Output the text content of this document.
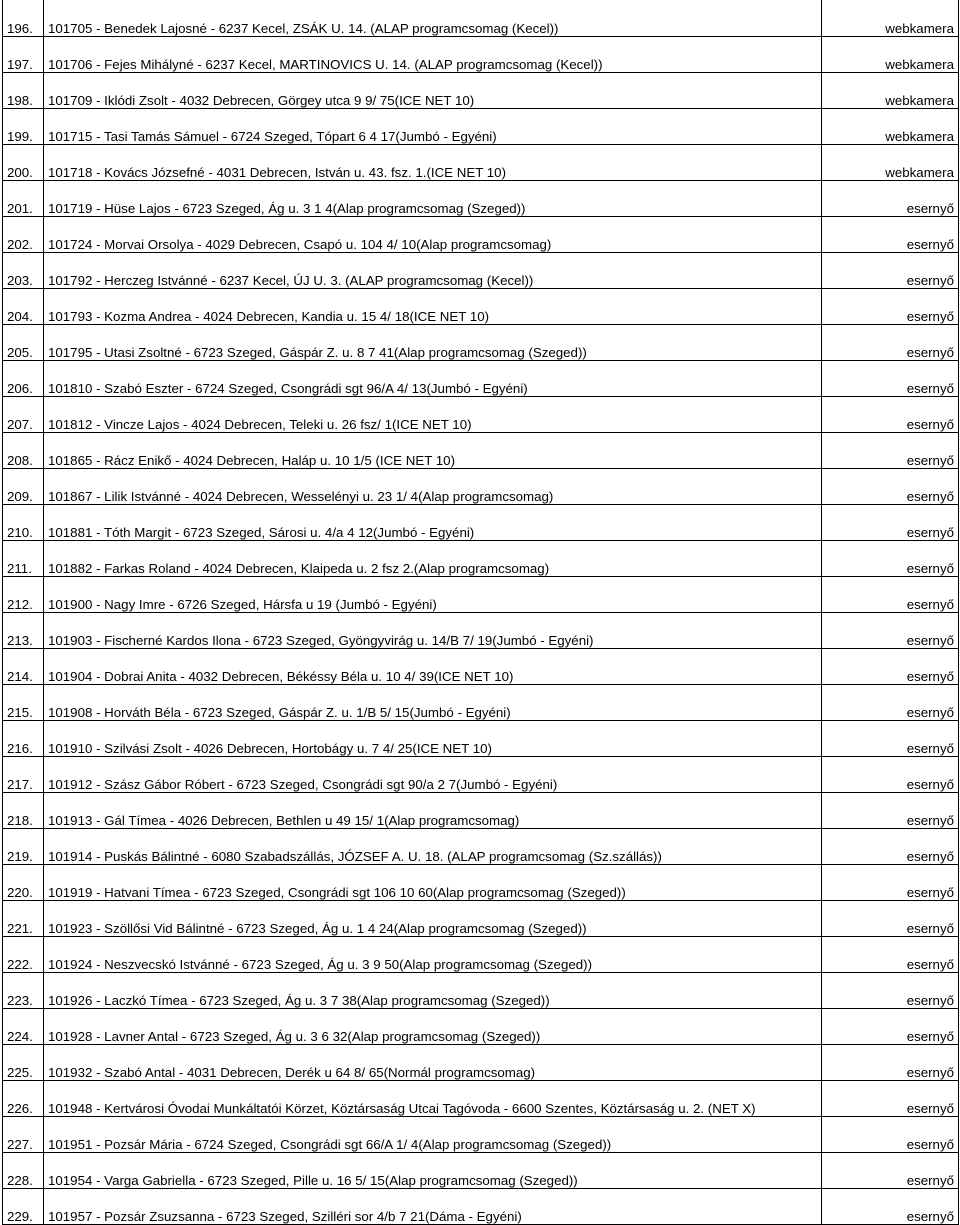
196.	101705 - Benedek Lajosné - 6237 Kecel, ZSÁK U. 14. (ALAP programcsomag (Kecel))	webkamera
197.	101706 - Fejes Mihályné - 6237 Kecel, MARTINOVICS U. 14. (ALAP programcsomag (Kecel))	webkamera
198.	101709 - Iklódi Zsolt - 4032 Debrecen, Görgey utca 9 9/ 75(ICE NET 10)	webkamera
199.	101715 - Tasi Tamás Sámuel - 6724 Szeged, Tópart 6 4 17(Jumbó - Egyéni)	webkamera
200.	101718 - Kovács Józsefné - 4031 Debrecen, István u. 43. fsz. 1.(ICE NET 10)	webkamera
201.	101719 - Hüse Lajos - 6723 Szeged, Ág u. 3 1 4(Alap programcsomag (Szeged))	esernyő
202.	101724 - Morvai Orsolya - 4029 Debrecen, Csapó u. 104 4/ 10(Alap programcsomag)	esernyő
203.	101792 - Herczeg Istvánné - 6237 Kecel, ÚJ U. 3. (ALAP programcsomag (Kecel))	esernyő
204.	101793 - Kozma Andrea - 4024 Debrecen, Kandia u. 15 4/ 18(ICE NET 10)	esernyő
205.	101795 - Utasi Zsoltné - 6723 Szeged, Gáspár Z. u. 8 7 41(Alap programcsomag (Szeged))	esernyő
206.	101810 - Szabó Eszter - 6724 Szeged, Csongrádi sgt 96/A 4/ 13(Jumbó - Egyéni)	esernyő
207.	101812 - Vincze Lajos - 4024 Debrecen, Teleki u. 26 fsz/ 1(ICE NET 10)	esernyő
208.	101865 - Rácz Enikő - 4024 Debrecen, Haláp u. 10 1/5 (ICE NET 10)	esernyő
209.	101867 - Lilik Istvánné - 4024 Debrecen, Wesselényi u. 23 1/ 4(Alap programcsomag)	esernyő
210.	101881 - Tóth Margit - 6723 Szeged, Sárosi u. 4/a 4 12(Jumbó - Egyéni)	esernyő
211.	101882 - Farkas Roland - 4024 Debrecen, Klaipeda u. 2 fsz 2.(Alap programcsomag)	esernyő
212.	101900 - Nagy Imre - 6726 Szeged, Hársfa u 19 (Jumbó - Egyéni)	esernyő
213.	101903 - Fischerné Kardos Ilona - 6723 Szeged, Gyöngyvirág u. 14/B 7/ 19(Jumbó - Egyéni)	esernyő
214.	101904 - Dobrai Anita - 4032 Debrecen, Békéssy Béla u. 10 4/ 39(ICE NET 10)	esernyő
215.	101908 - Horváth Béla - 6723 Szeged, Gáspár Z. u. 1/B 5/ 15(Jumbó - Egyéni)	esernyő
216.	101910 - Szilvási Zsolt - 4026 Debrecen, Hortobágy u. 7 4/ 25(ICE NET 10)	esernyő
217.	101912 - Szász Gábor Róbert - 6723 Szeged, Csongrádi sgt 90/a 2 7(Jumbó - Egyéni)	esernyő
218.	101913 - Gál Tímea - 4026 Debrecen, Bethlen u 49 15/ 1(Alap programcsomag)	esernyő
219.	101914 - Puskás Bálintné - 6080 Szabadszállás, JÓZSEF A. U. 18. (ALAP programcsomag (Sz.szállás))	esernyő
220.	101919 - Hatvani Tímea - 6723 Szeged, Csongrádi sgt 106 10 60(Alap programcsomag (Szeged))	esernyő
221.	101923 - Szöllősi Vid Bálintné - 6723 Szeged, Ág u. 1 4 24(Alap programcsomag (Szeged))	esernyő
222.	101924 - Neszvecskó Istvánné - 6723 Szeged, Ág u. 3 9 50(Alap programcsomag (Szeged))	esernyő
223.	101926 - Laczkó Tímea - 6723 Szeged, Ág u. 3 7 38(Alap programcsomag (Szeged))	esernyő
224.	101928 - Lavner Antal - 6723 Szeged, Ág u. 3 6 32(Alap programcsomag (Szeged))	esernyő
225.	101932 - Szabó Antal - 4031 Debrecen, Derék u 64 8/ 65(Normál programcsomag)	esernyő
226.	101948 - Kertvárosi Óvodai Munkáltatói Körzet, Köztársaság Utcai Tagóvoda - 6600 Szentes, Köztársaság u. 2. (NET X)	esernyő
227.	101951 - Pozsár Mária - 6724 Szeged, Csongrádi sgt 66/A 1/ 4(Alap programcsomag (Szeged))	esernyő
228.	101954 - Varga Gabriella - 6723 Szeged, Pille u. 16 5/ 15(Alap programcsomag (Szeged))	esernyő
229.	101957 - Pozsár Zsuzsanna - 6723 Szeged, Szilléri sor 4/b 7 21(Dáma - Egyéni)	esernyő
